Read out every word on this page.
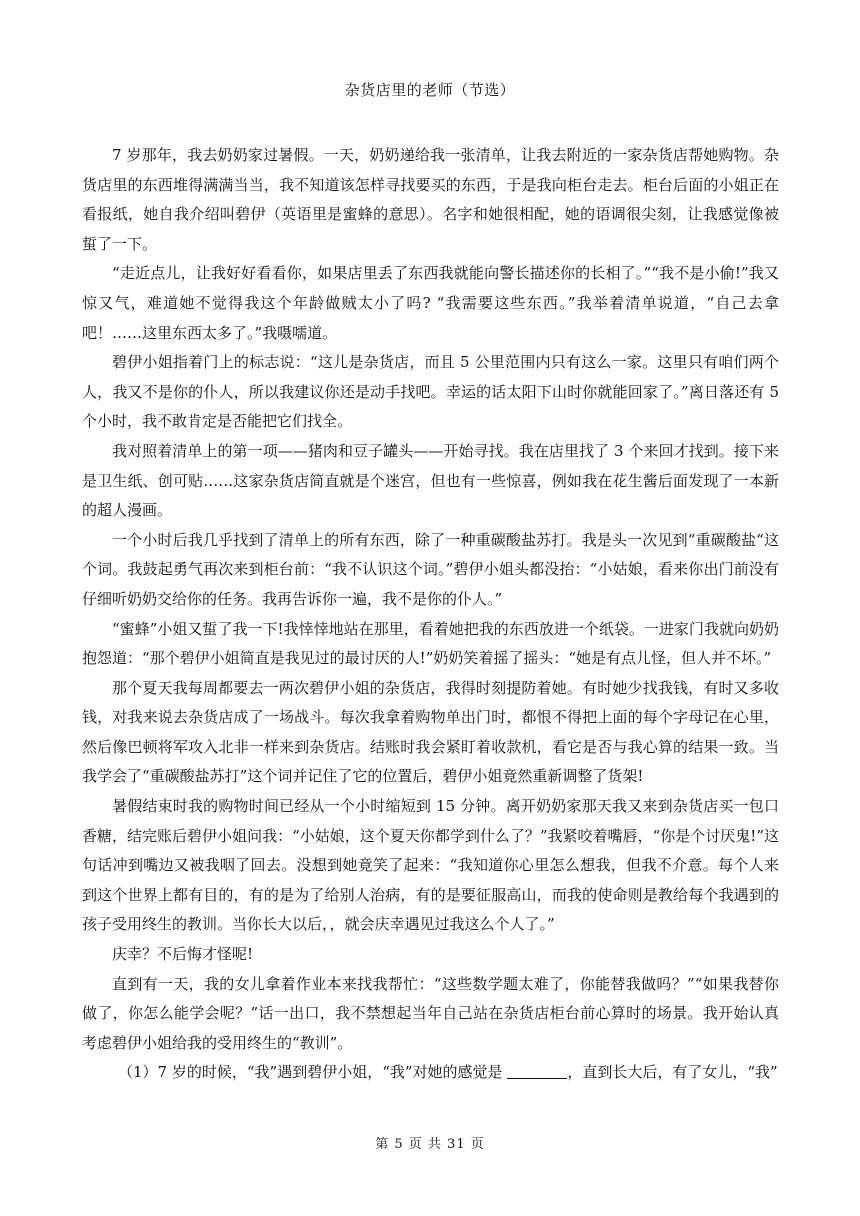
杂货店里的老师（节选）

7 岁那年，我去奶奶家过暑假。一天，奶奶递给我一张清单，让我去附近的一家杂货店帮她购物。杂货店里的东西堆得满满当当，我不知道该怎样寻找要买的东西，于是我向柜台走去。柜台后面的小姐正在看报纸，她自我介绍叫碧伊（英语里是蜜蜂的意思）。名字和她很相配，她的语调很尖刻，让我感觉像被蜇了一下。

“走近点儿，让我好好看看你，如果店里丢了东西我就能向警长描述你的长相了。”“我不是小偷!”我又惊又气，难道她不觉得我这个年龄做贼太小了吗? “我需要这些东西。”我举着清单说道，“自己去拿吧！……这里东西太多了。”我嗫嚅道。

碧伊小姐指着门上的标志说：“这儿是杂货店，而且 5 公里范围内只有这么一家。这里只有咱们两个人，我又不是你的仆人，所以我建议你还是动手找吧。幸运的话太阳下山时你就能回家了。”离日落还有 5 个小时，我不敢肯定是否能把它们找全。

我对照着清单上的第一项——猪肉和豆子罐头——开始寻找。我在店里找了 3 个来回才找到。接下来是卫生纸、创可贴……这家杂货店简直就是个迷宫，但也有一些惊喜，例如我在花生酱后面发现了一本新的超人漫画。

一个小时后我几乎找到了清单上的所有东西，除了一种重碳酸盐苏打。我是头一次见到“重碳酸盐“这个词。我鼓起勇气再次来到柜台前：“我不认识这个词。”碧伊小姐头都没抬：“小姑娘，看来你出门前没有仔细听奶奶交给你的任务。我再告诉你一遍，我不是你的仆人。”

“蜜蜂”小姐又蜇了我一下!我悻悻地站在那里，看着她把我的东西放进一个纸袋。一进家门我就向奶奶抱怨道：“那个碧伊小姐简直是我见过的最讨厌的人!”奶奶笑着摇了摇头：“她是有点儿怪，但人并不坏。”

那个夏天我每周都要去一两次碧伊小姐的杂货店，我得时刻提防着她。有时她少找我钱，有时又多收钱，对我来说去杂货店成了一场战斗。每次我拿着购物单出门时，都恨不得把上面的每个字母记在心里，然后像巴顿将军攻入北非一样来到杂货店。结账时我会紧盯着收款机，看它是否与我心算的结果一致。当我学会了“重碳酸盐苏打”这个词并记住了它的位置后，碧伊小姐竟然重新调整了货架!

暑假结束时我的购物时间已经从一个小时缩短到 15 分钟。离开奶奶家那天我又来到杂货店买一包口香糖，结完账后碧伊小姐问我：“小姑娘，这个夏天你都学到什么了？”我紧咬着嘴唇，“你是个讨厌鬼!”这句话冲到嘴边又被我咽了回去。没想到她竟笑了起来：“我知道你心里怎么想我，但我不介意。每个人来到这个世界上都有目的，有的是为了给别人治病，有的是要征服高山，而我的使命则是教给每个我遇到的孩子受用终生的教训。当你长大以后，，就会庆幸遇见过我这么个人了。”

庆幸？不后悔才怪呢!

直到有一天，我的女儿拿着作业本来找我帮忙：“这些数学题太难了，你能替我做吗？”“如果我替你做了，你怎么能学会呢？”话一出口，我不禁想起当年自己站在杂货店柜台前心算时的场景。我开始认真考虑碧伊小姐给我的受用终生的“教训”。

（1）7 岁的时候，“我”遇到碧伊小姐，“我”对她的感觉是	，直到长大后，有了女儿，“我”
第 5 页 共 31 页
